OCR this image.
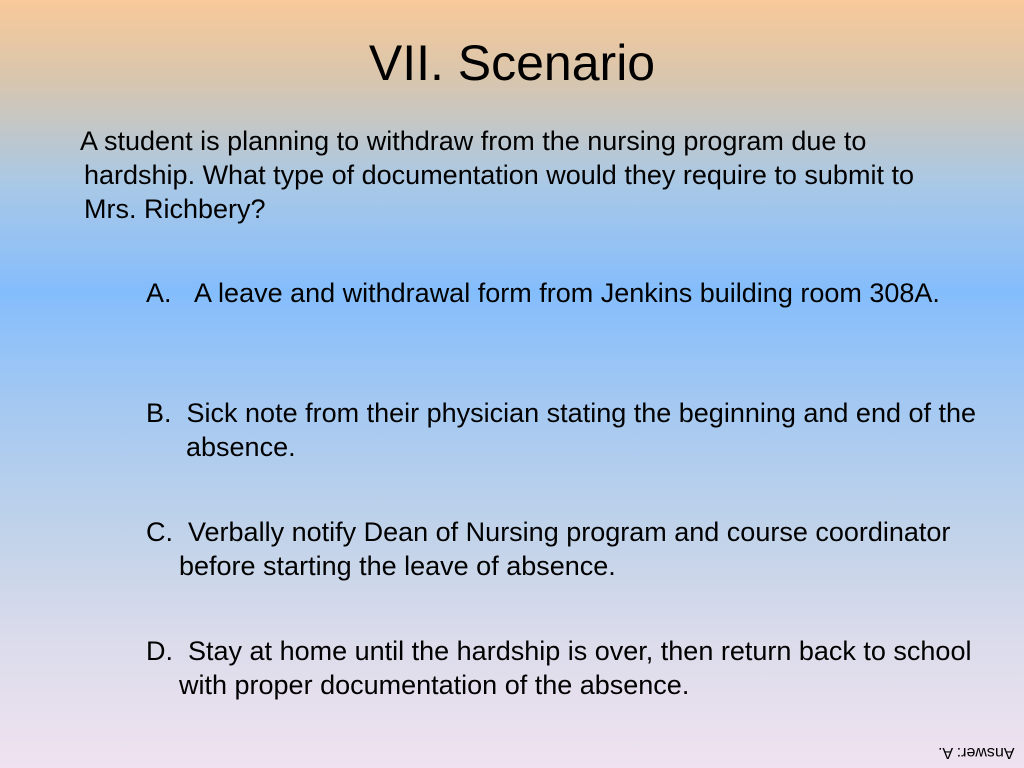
VII. Scenario

A student is planning to withdraw from the nursing program due to hardship. What type of documentation would they require to submit to Mrs. Richbery?

A. A leave and withdrawal form from Jenkins building room 308A.
B. Sick note from their physician stating the beginning and end of the absence.
C. Verbally notify Dean of Nursing program and course coordinator before starting the leave of absence.
D. Stay at home until the hardship is over, then return back to school with proper documentation of the absence.

Answer: A.
